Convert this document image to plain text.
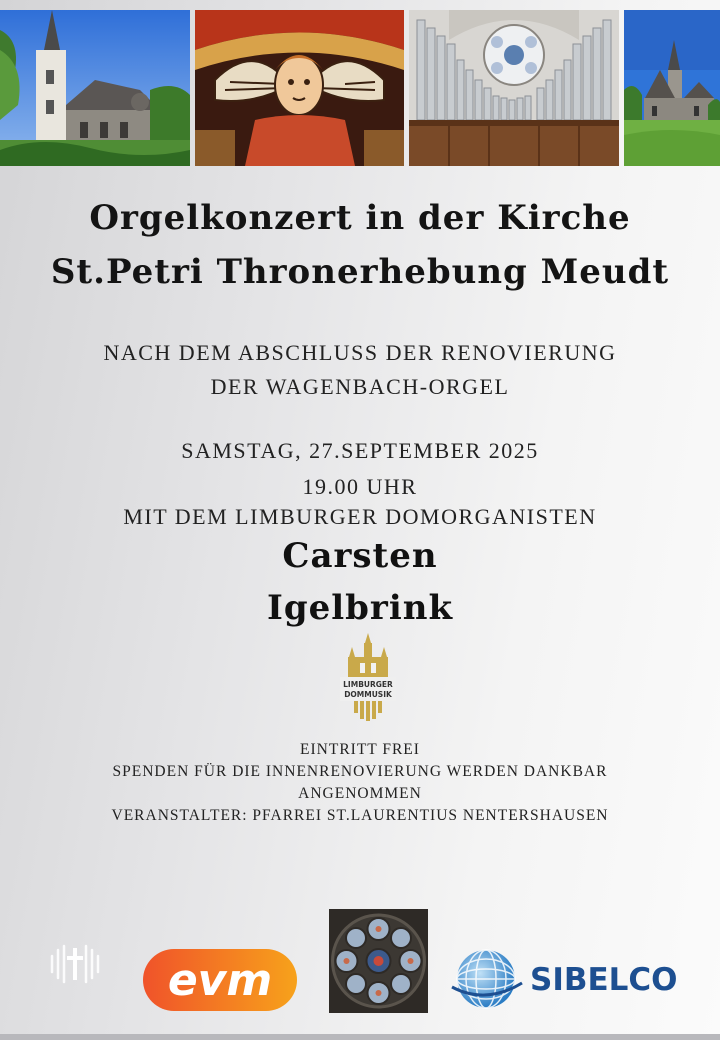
Orgelkonzert in der Kirche
St.Petri Thronerhebung Meudt
NACH DEM ABSCHLUSS DER RENOVIERUNG
DER WAGENBACH-ORGEL
SAMSTAG, 27.SEPTEMBER 2025
19.00 UHR
MIT DEM LIMBURGER DOMORGANISTEN
Carsten
Igelbrink
LIMBURGER
DOMMUSIK
EINTRITT FREI
SPENDEN FÜR DIE INNENRENOVIERUNG WERDEN DANKBAR
ANGENOMMEN
VERANSTALTER: PFARREI ST.LAURENTIUS NENTERSHAUSEN
evm	SIBELCO
